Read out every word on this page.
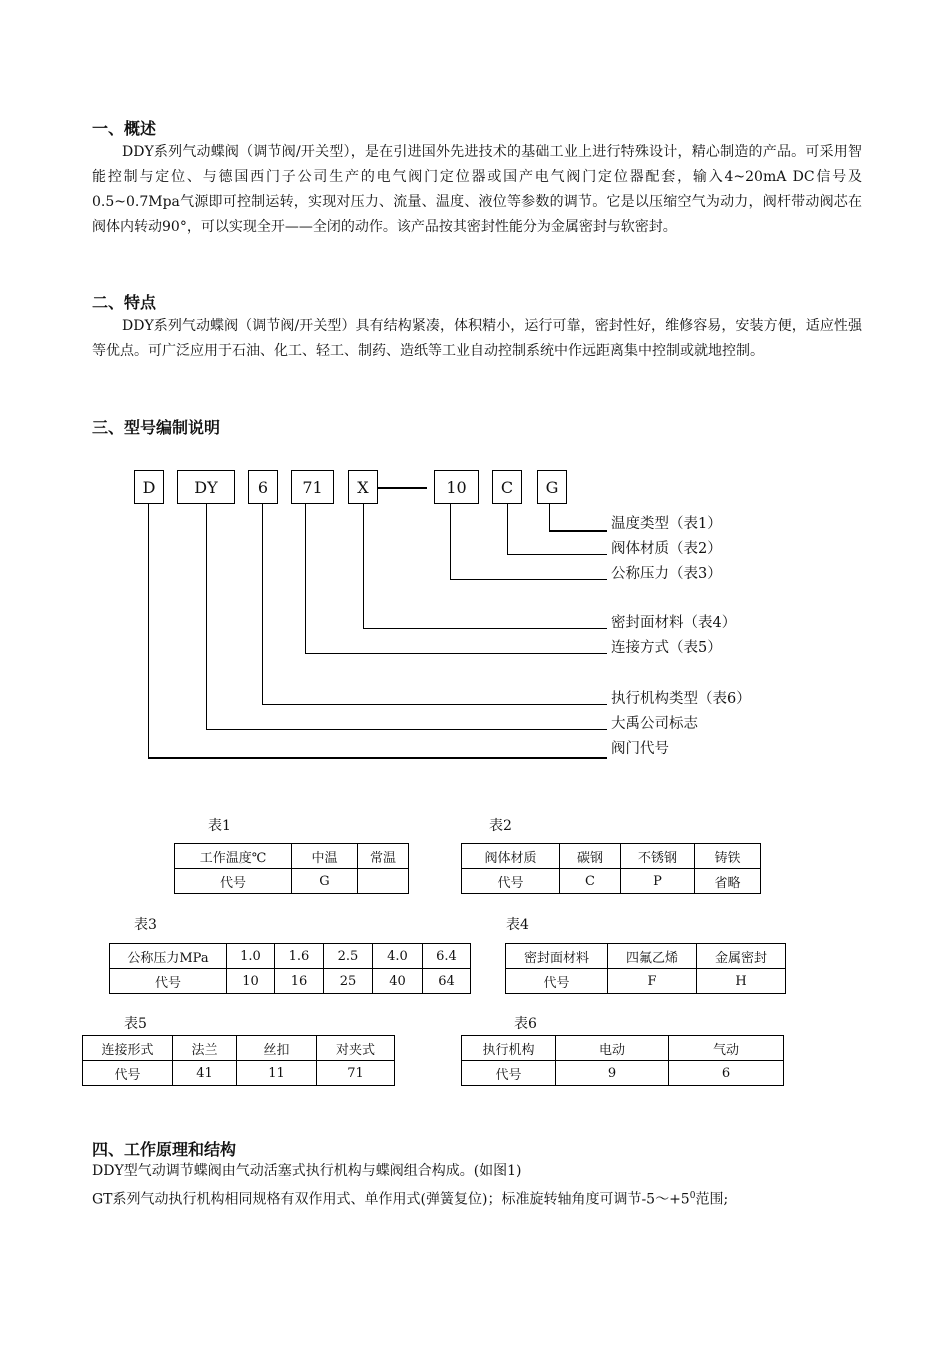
一、概述

DDY系列气动蝶阀（调节阀/开关型），是在引进国外先进技术的基础工业上进行特殊设计，精心制造的产品。可采用智能控制与定位、与德国西门子公司生产的电气阀门定位器或国产电气阀门定位器配套，输入4~20mA DC信号及0.5~0.7Mpa气源即可控制运转，实现对压力、流量、温度、液位等参数的调节。它是以压缩空气为动力，阀杆带动阀芯在阀体内转动90°，可以实现全开——全闭的动作。该产品按其密封性能分为金属密封与软密封。

二、特点

DDY系列气动蝶阀（调节阀/开关型）具有结构紧凑，体积精小，运行可靠，密封性好，维修容易，安装方便，适应性强等优点。可广泛应用于石油、化工、轻工、制药、造纸等工业自动控制系统中作远距离集中控制或就地控制。

三、型号编制说明
D	DY	6	71	X	10	C	G
温度类型（表1）
阀体材质（表2）
公称压力（表3）
密封面材料（表4）
连接方式（表5）
执行机构类型（表6）
大禹公司标志
阀门代号
表1
工作温度℃	中温	常温
代号	G	
表2
阀体材质	碳钢	不锈钢	铸铁
代号	C	P	省略
表3
公称压力MPa	1.0	1.6	2.5	4.0	6.4
代号	10	16	25	40	64
表4
密封面材料	四氟乙烯	金属密封
代号	F	H
表5
连接形式	法兰	丝扣	对夹式
代号	41	11	71
表6
执行机构	电动	气动
代号	9	6
四、工作原理和结构

DDY型气动调节蝶阀由气动活塞式执行机构与蝶阀组合构成。(如图1)

GT系列气动执行机构相同规格有双作用式、单作用式(弹簧复位)；标准旋转轴角度可调节$-5\sim+5^0$范围;
